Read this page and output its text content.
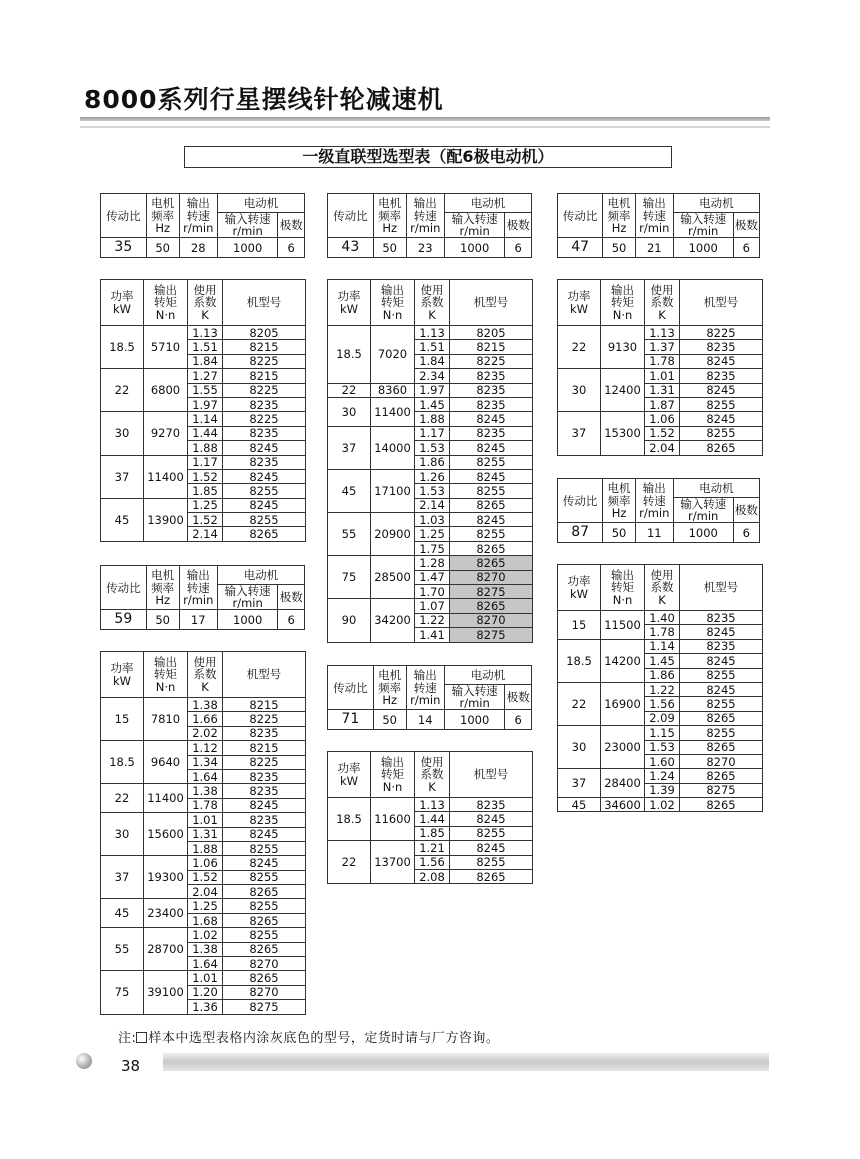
8000系列行星摆线针轮减速机
一级直联型选型表（配6极电动机）
传动比	电机
频率
Hz	输出
转速
r/min	电动机	
			输入转速
r/min	极数
35	50	28	1000	6
功率
kW	输出
转矩
N·n	使用
系数
K	机型号
18.5	5710	1.13	8205
		1.51	8215
		1.84	8225
22	6800	1.27	8215
		1.55	8225
		1.97	8235
30	9270	1.14	8225
		1.44	8235
		1.88	8245
37	11400	1.17	8235
		1.52	8245
		1.85	8255
45	13900	1.25	8245
		1.52	8255
		2.14	8265
传动比	电机
频率
Hz	输出
转速
r/min	电动机	
			输入转速
r/min	极数
59	50	17	1000	6
功率
kW	输出
转矩
N·n	使用
系数
K	机型号
15	7810	1.38	8215
		1.66	8225
		2.02	8235
18.5	9640	1.12	8215
		1.34	8225
		1.64	8235
22	11400	1.38	8235
		1.78	8245
30	15600	1.01	8235
		1.31	8245
		1.88	8255
37	19300	1.06	8245
		1.52	8255
		2.04	8265
45	23400	1.25	8255
		1.68	8265
55	28700	1.02	8255
		1.38	8265
		1.64	8270
75	39100	1.01	8265
		1.20	8270
		1.36	8275
传动比	电机
频率
Hz	输出
转速
r/min	电动机	
			输入转速
r/min	极数
43	50	23	1000	6
功率
kW	输出
转矩
N·n	使用
系数
K	机型号
18.5	7020	1.13	8205
		1.51	8215
		1.84	8225
		2.34	8235
22	8360	1.97	8235
30	11400	1.45	8235
		1.88	8245
37	14000	1.17	8235
		1.53	8245
		1.86	8255
45	17100	1.26	8245
		1.53	8255
		2.14	8265
55	20900	1.03	8245
		1.25	8255
		1.75	8265
75	28500	1.28	8265
		1.47	8270
		1.70	8275
90	34200	1.07	8265
		1.22	8270
		1.41	8275
传动比	电机
频率
Hz	输出
转速
r/min	电动机	
			输入转速
r/min	极数
71	50	14	1000	6
功率
kW	输出
转矩
N·n	使用
系数
K	机型号
18.5	11600	1.13	8235
		1.44	8245
		1.85	8255
22	13700	1.21	8245
		1.56	8255
		2.08	8265
传动比	电机
频率
Hz	输出
转速
r/min	电动机	
			输入转速
r/min	极数
47	50	21	1000	6
功率
kW	输出
转矩
N·n	使用
系数
K	机型号
22	9130	1.13	8225
		1.37	8235
		1.78	8245
30	12400	1.01	8235
		1.31	8245
		1.87	8255
37	15300	1.06	8245
		1.52	8255
		2.04	8265
传动比	电机
频率
Hz	输出
转速
r/min	电动机	
			输入转速
r/min	极数
87	50	11	1000	6
功率
kW	输出
转矩
N·n	使用
系数
K	机型号
15	11500	1.40	8235
		1.78	8245
18.5	14200	1.14	8235
		1.45	8245
		1.86	8255
22	16900	1.22	8245
		1.56	8255
		2.09	8265
30	23000	1.15	8255
		1.53	8265
		1.60	8270
37	28400	1.24	8265
		1.39	8275
45	34600	1.02	8265
注: 样本中选型表格内涂灰底色的型号，定货时请与厂方咨询。
38
